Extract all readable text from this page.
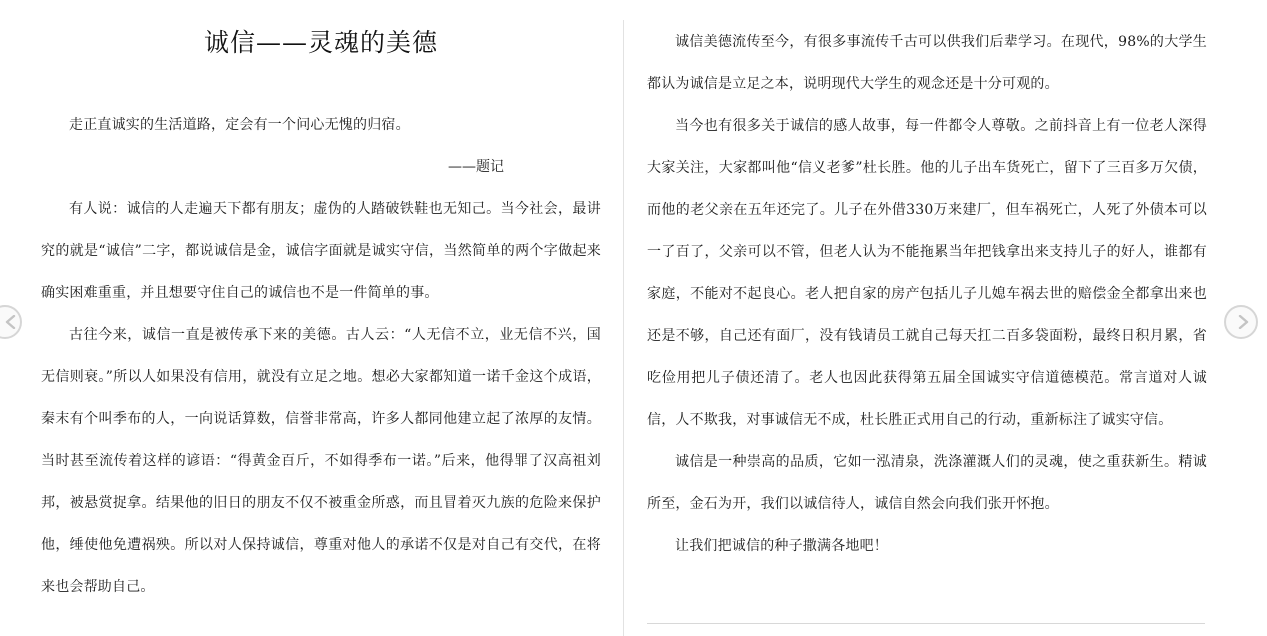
诚信——灵魂的美德

走正直诚实的生活道路，定会有一个问心无愧的归宿。

——题记

有人说：诚信的人走遍天下都有朋友；虚伪的人踏破铁鞋也无知己。当今社会，最讲究的就是“诚信”二字，都说诚信是金，诚信字面就是诚实守信，当然简单的两个字做起来确实困难重重，并且想要守住自己的诚信也不是一件简单的事。

古往今来，诚信一直是被传承下来的美德。古人云：“人无信不立，业无信不兴，国无信则衰。”所以人如果没有信用，就没有立足之地。想必大家都知道一诺千金这个成语，秦末有个叫季布的人，一向说话算数，信誉非常高，许多人都同他建立起了浓厚的友情。当时甚至流传着这样的谚语：“得黄金百斤，不如得季布一诺。”后来，他得罪了汉高祖刘邦，被悬赏捉拿。结果他的旧日的朋友不仅不被重金所惑，而且冒着灭九族的危险来保护他，缍使他免遭祸殃。所以对人保持诚信，尊重对他人的承诺不仅是对自己有交代，在将来也会帮助自己。

诚信美德流传至今，有很多事流传千古可以供我们后辈学习。在现代，98%的大学生都认为诚信是立足之本，说明现代大学生的观念还是十分可观的。

当今也有很多关于诚信的感人故事，每一件都令人尊敬。之前抖音上有一位老人深得大家关注，大家都叫他“信义老爹”杜长胜。他的儿子出车货死亡，留下了三百多万欠债，而他的老父亲在五年还完了。儿子在外借330万来建厂，但车祸死亡，人死了外债本可以一了百了，父亲可以不管，但老人认为不能拖累当年把钱拿出来支持儿子的好人，谁都有家庭，不能对不起良心。老人把自家的房产包括儿子儿媳车祸去世的赔偿金全都拿出来也还是不够，自己还有面厂，没有钱请员工就自己每天扛二百多袋面粉，最终日积月累，省吃俭用把儿子债还清了。老人也因此获得第五届全国诚实守信道德模范。常言道对人诚信，人不欺我，对事诚信无不成，杜长胜正式用自己的行动，重新标注了诚实守信。

诚信是一种崇高的品质，它如一泓清泉，洗涤灌溉人们的灵魂，使之重获新生。精诚所至，金石为开，我们以诚信待人，诚信自然会向我们张开怀抱。

让我们把诚信的种子撒满各地吧！
